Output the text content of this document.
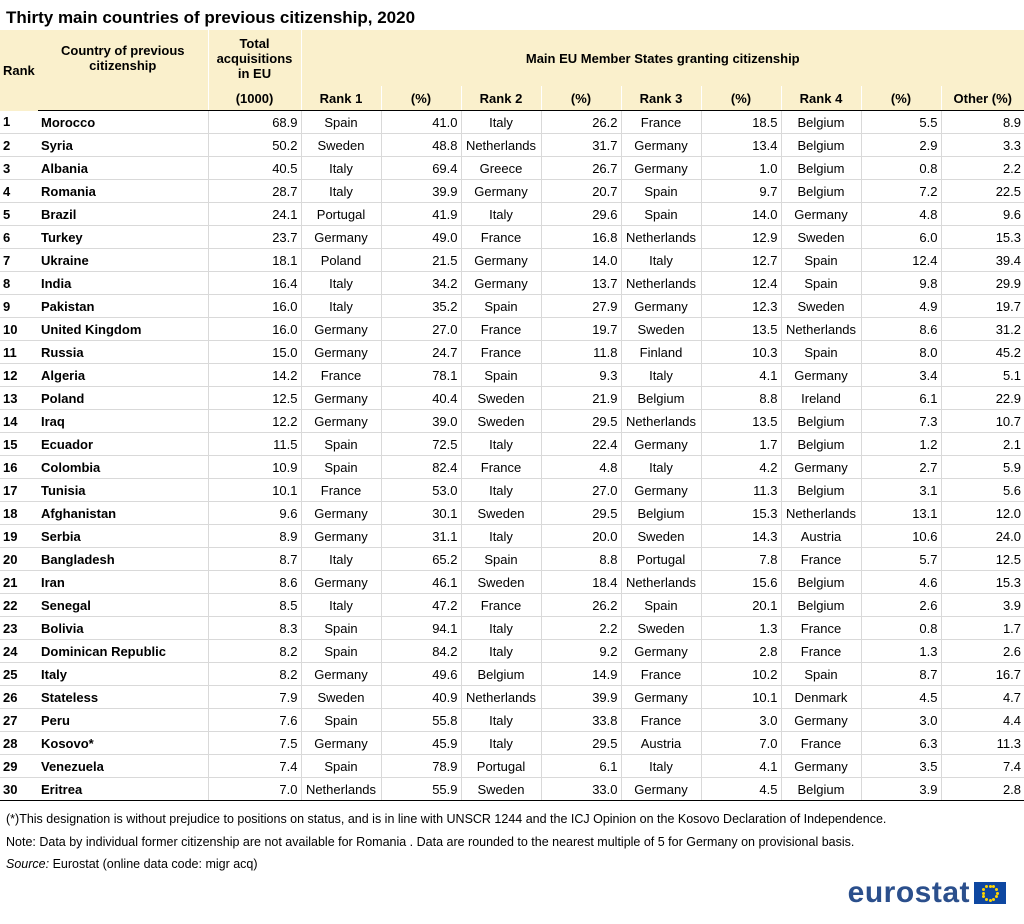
Thirty main countries of previous citizenship, 2020
Rank	Country of previous citizenship	Total acquisitions in EU	Main EU Member States granting citizenship								
		(1000)	Rank 1	(%)	Rank 2	(%)	Rank 3	(%)	Rank 4	(%)	Other (%)
1	Morocco	68.9	Spain	41.0	Italy	26.2	France	18.5	Belgium	5.5	8.9
2	Syria	50.2	Sweden	48.8	Netherlands	31.7	Germany	13.4	Belgium	2.9	3.3
3	Albania	40.5	Italy	69.4	Greece	26.7	Germany	1.0	Belgium	0.8	2.2
4	Romania	28.7	Italy	39.9	Germany	20.7	Spain	9.7	Belgium	7.2	22.5
5	Brazil	24.1	Portugal	41.9	Italy	29.6	Spain	14.0	Germany	4.8	9.6
6	Turkey	23.7	Germany	49.0	France	16.8	Netherlands	12.9	Sweden	6.0	15.3
7	Ukraine	18.1	Poland	21.5	Germany	14.0	Italy	12.7	Spain	12.4	39.4
8	India	16.4	Italy	34.2	Germany	13.7	Netherlands	12.4	Spain	9.8	29.9
9	Pakistan	16.0	Italy	35.2	Spain	27.9	Germany	12.3	Sweden	4.9	19.7
10	United Kingdom	16.0	Germany	27.0	France	19.7	Sweden	13.5	Netherlands	8.6	31.2
11	Russia	15.0	Germany	24.7	France	11.8	Finland	10.3	Spain	8.0	45.2
12	Algeria	14.2	France	78.1	Spain	9.3	Italy	4.1	Germany	3.4	5.1
13	Poland	12.5	Germany	40.4	Sweden	21.9	Belgium	8.8	Ireland	6.1	22.9
14	Iraq	12.2	Germany	39.0	Sweden	29.5	Netherlands	13.5	Belgium	7.3	10.7
15	Ecuador	11.5	Spain	72.5	Italy	22.4	Germany	1.7	Belgium	1.2	2.1
16	Colombia	10.9	Spain	82.4	France	4.8	Italy	4.2	Germany	2.7	5.9
17	Tunisia	10.1	France	53.0	Italy	27.0	Germany	11.3	Belgium	3.1	5.6
18	Afghanistan	9.6	Germany	30.1	Sweden	29.5	Belgium	15.3	Netherlands	13.1	12.0
19	Serbia	8.9	Germany	31.1	Italy	20.0	Sweden	14.3	Austria	10.6	24.0
20	Bangladesh	8.7	Italy	65.2	Spain	8.8	Portugal	7.8	France	5.7	12.5
21	Iran	8.6	Germany	46.1	Sweden	18.4	Netherlands	15.6	Belgium	4.6	15.3
22	Senegal	8.5	Italy	47.2	France	26.2	Spain	20.1	Belgium	2.6	3.9
23	Bolivia	8.3	Spain	94.1	Italy	2.2	Sweden	1.3	France	0.8	1.7
24	Dominican Republic	8.2	Spain	84.2	Italy	9.2	Germany	2.8	France	1.3	2.6
25	Italy	8.2	Germany	49.6	Belgium	14.9	France	10.2	Spain	8.7	16.7
26	Stateless	7.9	Sweden	40.9	Netherlands	39.9	Germany	10.1	Denmark	4.5	4.7
27	Peru	7.6	Spain	55.8	Italy	33.8	France	3.0	Germany	3.0	4.4
28	Kosovo*	7.5	Germany	45.9	Italy	29.5	Austria	7.0	France	6.3	11.3
29	Venezuela	7.4	Spain	78.9	Portugal	6.1	Italy	4.1	Germany	3.5	7.4
30	Eritrea	7.0	Netherlands	55.9	Sweden	33.0	Germany	4.5	Belgium	3.9	2.8
(*)This designation is without prejudice to positions on status, and is in line with UNSCR 1244 and the ICJ Opinion on the Kosovo Declaration of Independence.
Note: Data by individual former citizenship are not available for Romania . Data are rounded to the nearest multiple of 5 for Germany on provisional basis.
Source: Eurostat (online data code: migr acq)
eurostat
